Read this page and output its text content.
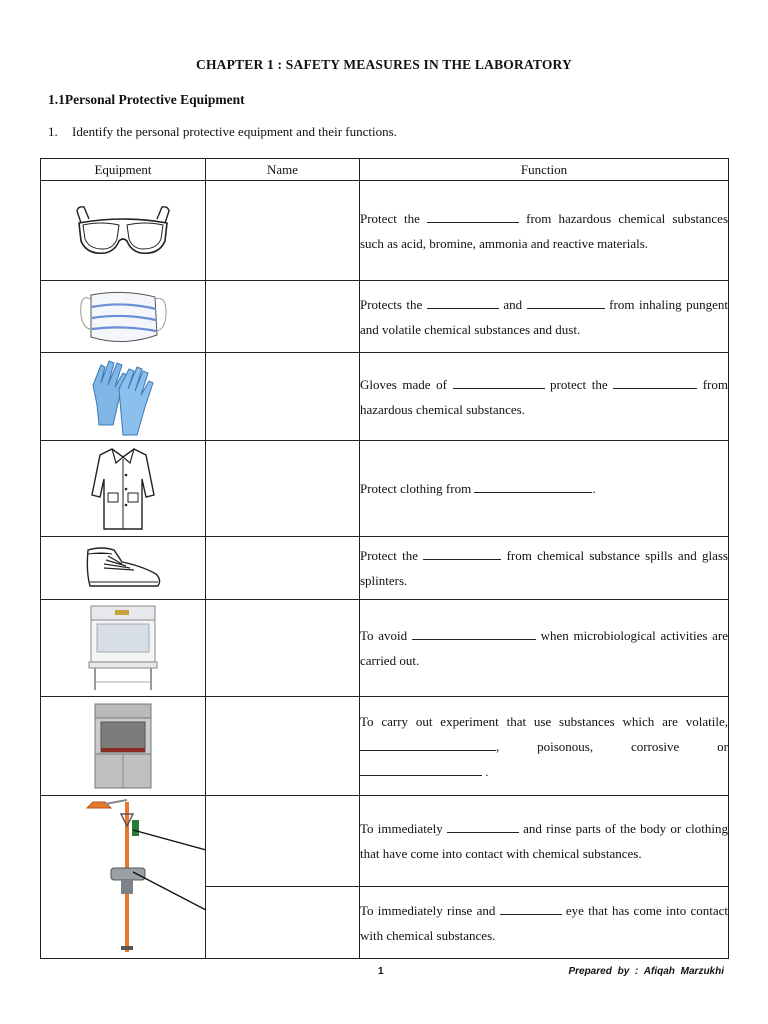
CHAPTER 1 : SAFETY MEASURES IN THE LABORATORY
1.1Personal Protective Equipment
1. Identify the personal protective equipment and their functions.
Equipment	Name	Function

		Protect the from hazardous chemical substances such as acid, bromine, ammonia and reactive materials.

		Protects the and from inhaling pungent and volatile chemical substances and dust.

		Gloves made of protect the from hazardous chemical substances.

		Protect clothing from .

		Protect the from chemical substance spills and glass splinters.

		To avoid when microbiological activities are carried out.

		To carry out experiment that use substances which are volatile, , poisonous, corrosive or  .

		To immediately and rinse parts of the body or clothing that have come into contact with chemical substances.
		To immediately rinse and eye that has come into contact with chemical substances.
1	Prepared by : Afiqah Marzukhi
